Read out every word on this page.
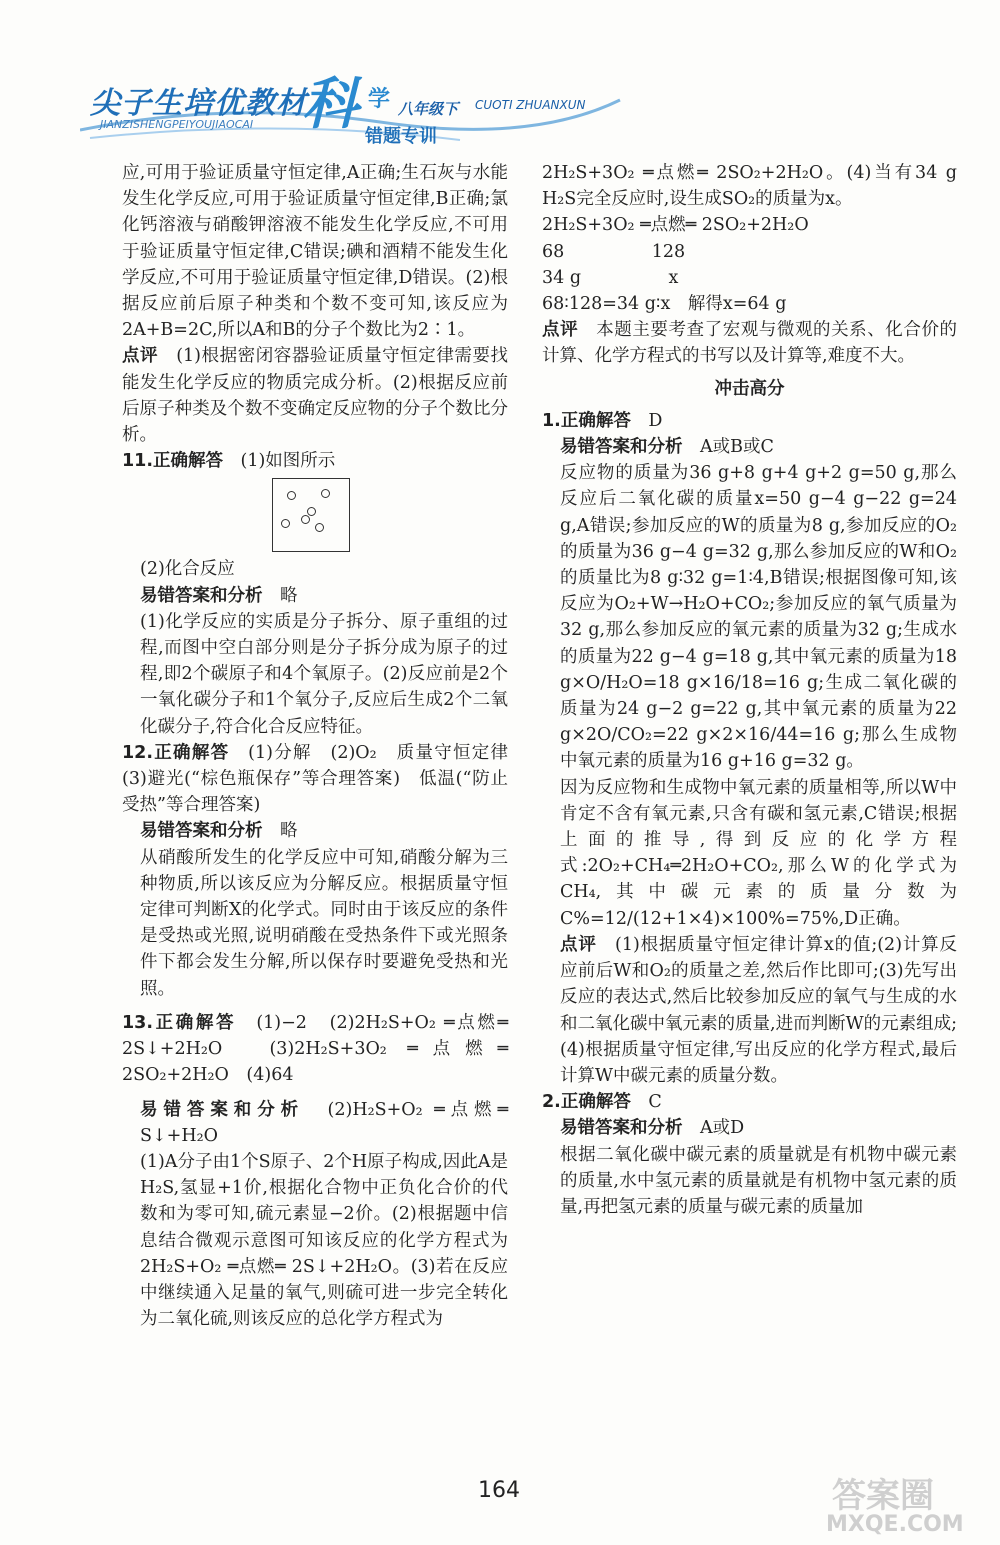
尖子生培优教材
JIANZISHENGPEIYOUJIAOCAI 科 学 八年级下 CUOTI ZHUANXUN
错题专训

应,可用于验证质量守恒定律,A正确;生石灰与水能发生化学反应,可用于验证质量守恒定律,B正确;氯化钙溶液与硝酸钾溶液不能发生化学反应,不可用于验证质量守恒定律,C错误;碘和酒精不能发生化学反应,不可用于验证质量守恒定律,D错误。(2)根据反应前后原子种类和个数不变可知,该反应为2A+B=2C,所以A和B的分子个数比为2∶1。

点评　 (1)根据密闭容器验证质量守恒定律需要找能发生化学反应的物质完成分析。(2)根据反应前后原子种类及个数不变确定反应物的分子个数比分析。

11.正确解答　 (1)如图所示

(2)化合反应

易错答案和分析　 略

(1)化学反应的实质是分子拆分、原子重组的过程,而图中空白部分则是分子拆分成为原子的过程,即2个碳原子和4个氧原子。(2)反应前是2个一氧化碳分子和1个氧分子,反应后生成2个二氧化碳分子,符合化合反应特征。

12.正确解答　 (1)分解　(2)O₂　质量守恒定律　(3)避光(“棕色瓶保存”等合理答案)　低温(“防止受热”等合理答案)

易错答案和分析　 略

从硝酸所发生的化学反应中可知,硝酸分解为三种物质,所以该反应为分解反应。根据质量守恒定律可判断X的化学式。同时由于该反应的条件是受热或光照,说明硝酸在受热条件下或光照条件下都会发生分解,所以保存时要避免受热和光照。

13.正确解答　 (1)−2　(2)2H₂S+O₂ ═点燃═ 2S↓+2H₂O　(3)2H₂S+3O₂ ═点燃═ 2SO₂+2H₂O　(4)64

易错答案和分析　 (2)H₂S+O₂ ═点燃═ S↓+H₂O

(1)A分子由1个S原子、2个H原子构成,因此A是H₂S,氢显+1价,根据化合物中正负化合价的代数和为零可知,硫元素显−2价。(2)根据题中信息结合微观示意图可知该反应的化学方程式为2H₂S+O₂ ═点燃═ 2S↓+2H₂O。(3)若在反应中继续通入足量的氧气,则硫可进一步完全转化为二氧化硫,则该反应的总化学方程式为

2H₂S+3O₂ ═点燃═ 2SO₂+2H₂O。(4)当有34 g H₂S完全反应时,设生成SO₂的质量为x。

2H₂S+3O₂ ═点燃═ 2SO₂+2H₂O

68　　　　　128

34 g　　　　　x

68∶128=34 g∶x　解得x=64 g

点评　 本题主要考查了宏观与微观的关系、化合价的计算、化学方程式的书写以及计算等,难度不大。

冲击高分

1.正确解答　 D

易错答案和分析　 A或B或C

反应物的质量为36 g+8 g+4 g+2 g=50 g,那么反应后二氧化碳的质量x=50 g−4 g−22 g=24 g,A错误;参加反应的W的质量为8 g,参加反应的O₂的质量为36 g−4 g=32 g,那么参加反应的W和O₂的质量比为8 g∶32 g=1∶4,B错误;根据图像可知,该反应为O₂+W→H₂O+CO₂;参加反应的氧气质量为32 g,那么参加反应的氧元素的质量为32 g;生成水的质量为22 g−4 g=18 g,其中氧元素的质量为18 g×O/H₂O=18 g×16/18=16 g;生成二氧化碳的质量为24 g−2 g=22 g,其中氧元素的质量为22 g×2O/CO₂=22 g×2×16/44=16 g;那么生成物中氧元素的质量为16 g+16 g=32 g。

因为反应物和生成物中氧元素的质量相等,所以W中肯定不含有氧元素,只含有碳和氢元素,C错误;根据上面的推导,得到反应的化学方程式:2O₂+CH₄═2H₂O+CO₂,那么W的化学式为CH₄,其中碳元素的质量分数为C%=12/(12+1×4)×100%=75%,D正确。

点评　 (1)根据质量守恒定律计算x的值;(2)计算反应前后W和O₂的质量之差,然后作比即可;(3)先写出反应的表达式,然后比较参加反应的氧气与生成的水和二氧化碳中氧元素的质量,进而判断W的元素组成;(4)根据质量守恒定律,写出反应的化学方程式,最后计算W中碳元素的质量分数。

2.正确解答　 C

易错答案和分析　 A或D

根据二氧化碳中碳元素的质量就是有机物中碳元素的质量,水中氢元素的质量就是有机物中氢元素的质量,再把氢元素的质量与碳元素的质量加

164	答案圈
MXQE.COM
